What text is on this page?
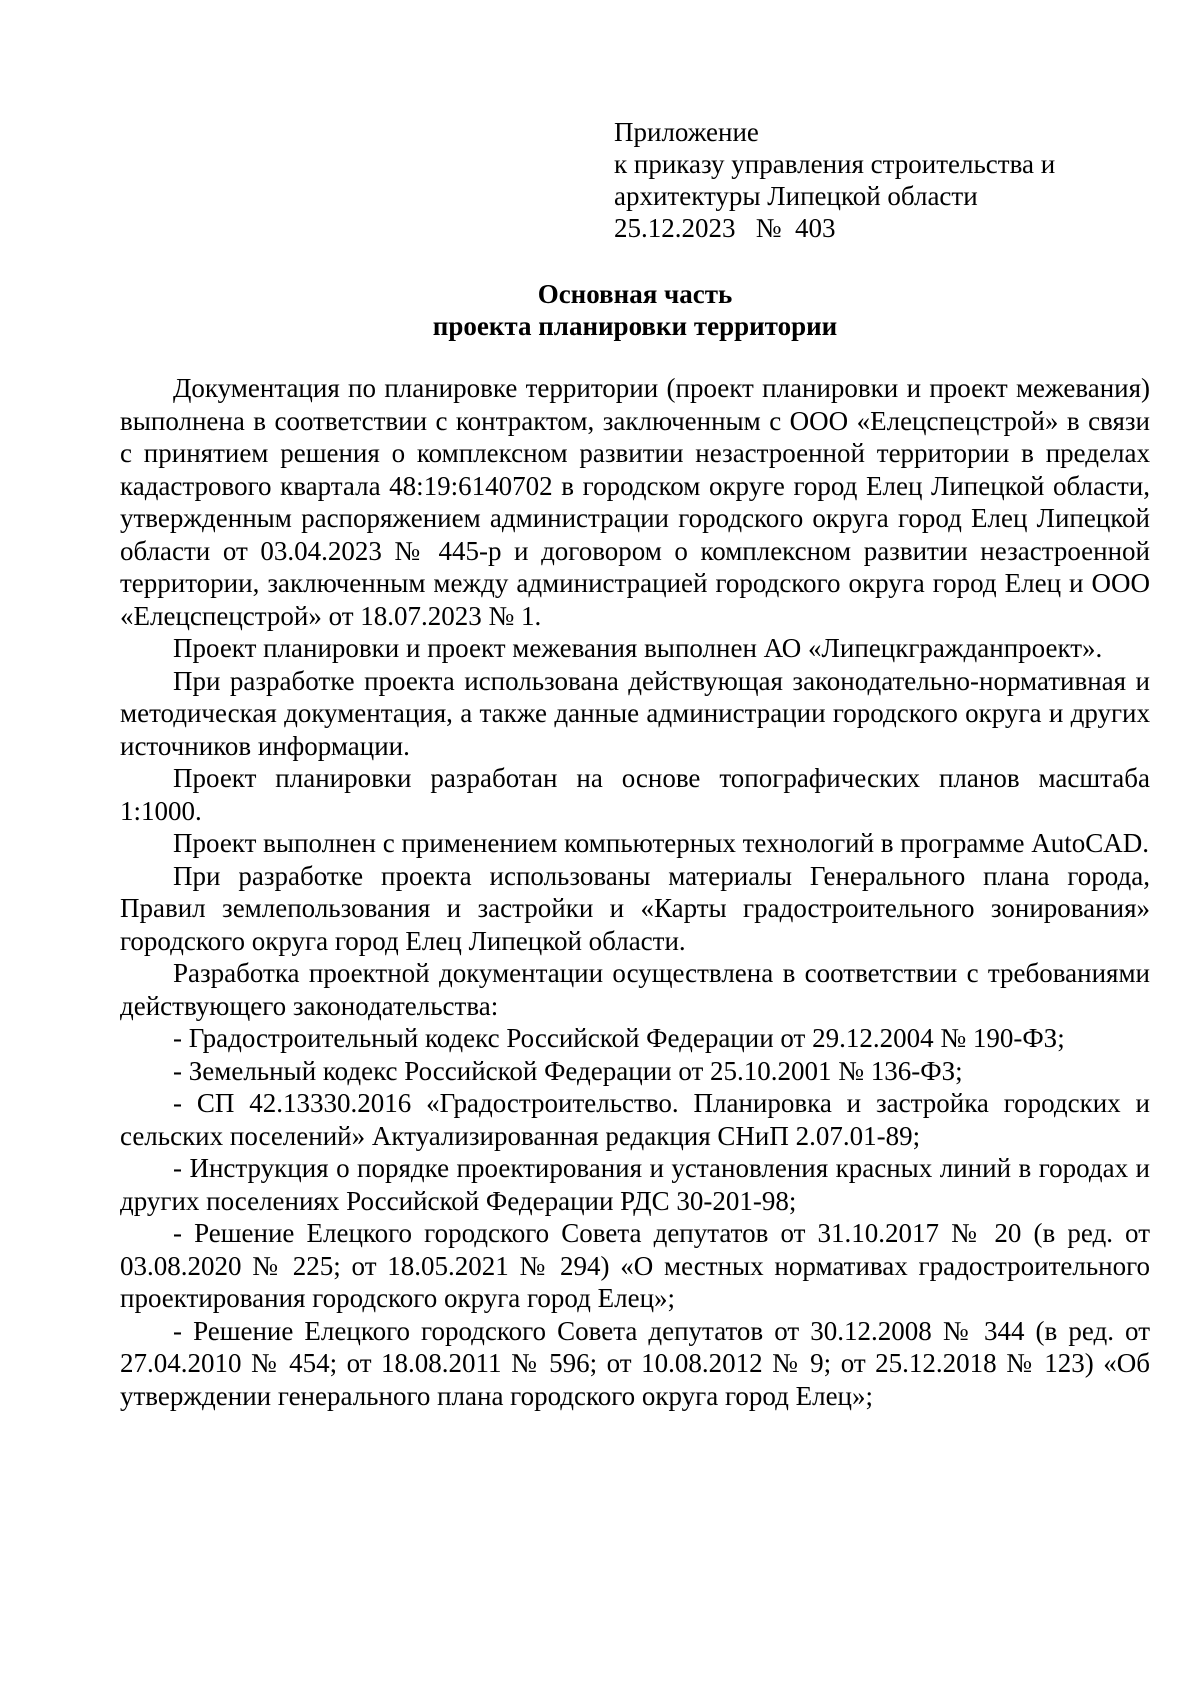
Приложение
к приказу управления строительства и
архитектуры Липецкой области
25.12.2023   №  403
Основная часть
проекта планировки территории

Документация по планировке территории (проект планировки и проект межевания) выполнена в соответствии с контрактом, заключенным с ООО «Елецспецстрой» в связи с принятием решения о комплексном развитии незастроенной территории в пределах кадастрового квартала 48:19:6140702 в городском округе город Елец Липецкой области, утвержденным распоряжением администрации городского округа город Елец Липецкой области от 03.04.2023 № 445-р и договором о комплексном развитии незастроенной территории, заключенным между администрацией городского округа город Елец и ООО «Елецспецстрой» от 18.07.2023 № 1.

Проект планировки и проект межевания выполнен АО «Липецкгражданпроект».

При разработке проекта использована действующая законодательно-нормативная и методическая документация, а также данные администрации городского округа и других источников информации.

Проект планировки разработан на основе топографических планов масштаба 1:1000.

Проект выполнен с применением компьютерных технологий в программе AutoCAD.

При разработке проекта использованы материалы Генерального плана города, Правил землепользования и застройки и «Карты градостроительного зонирования» городского округа город Елец Липецкой области.

Разработка проектной документации осуществлена в соответствии с требованиями действующего законодательства:

- Градостроительный кодекс Российской Федерации от 29.12.2004 № 190-ФЗ;

- Земельный кодекс Российской Федерации от 25.10.2001 № 136-ФЗ;

- СП 42.13330.2016 «Градостроительство. Планировка и застройка городских и сельских поселений» Актуализированная редакция СНиП 2.07.01-89;

- Инструкция о порядке проектирования и установления красных линий в городах и других поселениях Российской Федерации РДС 30-201-98;

- Решение Елецкого городского Совета депутатов от 31.10.2017 № 20 (в ред. от 03.08.2020 № 225; от 18.05.2021 № 294) «О местных нормативах градостроительного проектирования городского округа город Елец»;

- Решение Елецкого городского Совета депутатов от 30.12.2008 № 344 (в ред. от 27.04.2010 № 454; от 18.08.2011 № 596; от 10.08.2012 № 9; от 25.12.2018 № 123) «Об утверждении генерального плана городского округа город Елец»;
